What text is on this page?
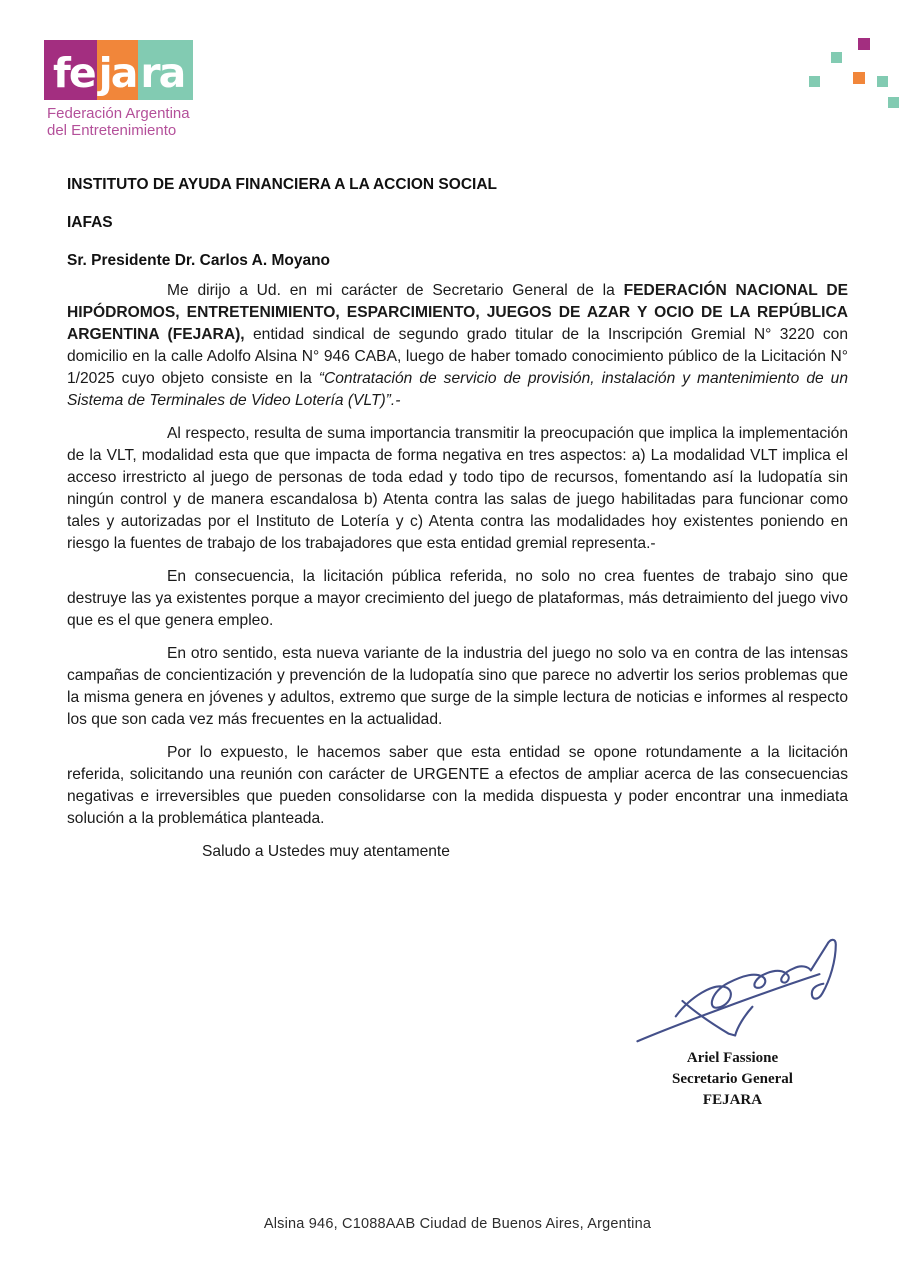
fe ja ra
Federación Argentina
del Entretenimiento
INSTITUTO DE AYUDA FINANCIERA A LA ACCION SOCIAL
IAFAS
Sr. Presidente Dr. Carlos A. Moyano

Me dirijo a Ud. en mi carácter de Secretario General de la FEDERACIÓN NACIONAL DE HIPÓDROMOS, ENTRETENIMIENTO, ESPARCIMIENTO, JUEGOS DE AZAR Y OCIO DE LA REPÚBLICA ARGENTINA (FEJARA), entidad sindical de segundo grado titular de la Inscripción Gremial N° 3220 con domicilio en la calle Adolfo Alsina N° 946 CABA, luego de haber tomado conocimiento público de la Licitación N° 1/2025 cuyo objeto consiste en la “Contratación de servicio de provisión, instalación y mantenimiento de un Sistema de Terminales de Video Lotería (VLT)”.-

Al respecto, resulta de suma importancia transmitir la preocupación que implica la implementación de la VLT, modalidad esta que que impacta de forma negativa en tres aspectos: a) La modalidad VLT implica el acceso irrestricto al juego de personas de toda edad y todo tipo de recursos, fomentando así la ludopatía sin ningún control y de manera escandalosa b) Atenta contra las salas de juego habilitadas para funcionar como tales y autorizadas por el Instituto de Lotería y c) Atenta contra las modalidades hoy existentes poniendo en riesgo la fuentes de trabajo de los trabajadores que esta entidad gremial representa.-

En consecuencia, la licitación pública referida, no solo no crea fuentes de trabajo sino que destruye las ya existentes porque a mayor crecimiento del juego de plataformas, más detraimiento del juego vivo que es el que genera empleo.

En otro sentido, esta nueva variante de la industria del juego no solo va en contra de las intensas campañas de concientización y prevención de la ludopatía sino que parece no advertir los serios problemas que la misma genera en jóvenes y adultos, extremo que surge de la simple lectura de noticias e informes al respecto los que son cada vez más frecuentes en la actualidad.

Por lo expuesto, le hacemos saber que esta entidad se opone rotundamente a la licitación referida, solicitando una reunión con carácter de URGENTE a efectos de ampliar acerca de las consecuencias negativas e irreversibles que pueden consolidarse con la medida dispuesta y poder encontrar una inmediata solución a la problemática planteada.

Saludo a Ustedes muy atentamente

Ariel Fassione
Secretario General
FEJARA
Alsina 946, C1088AAB Ciudad de Buenos Aires, Argentina
